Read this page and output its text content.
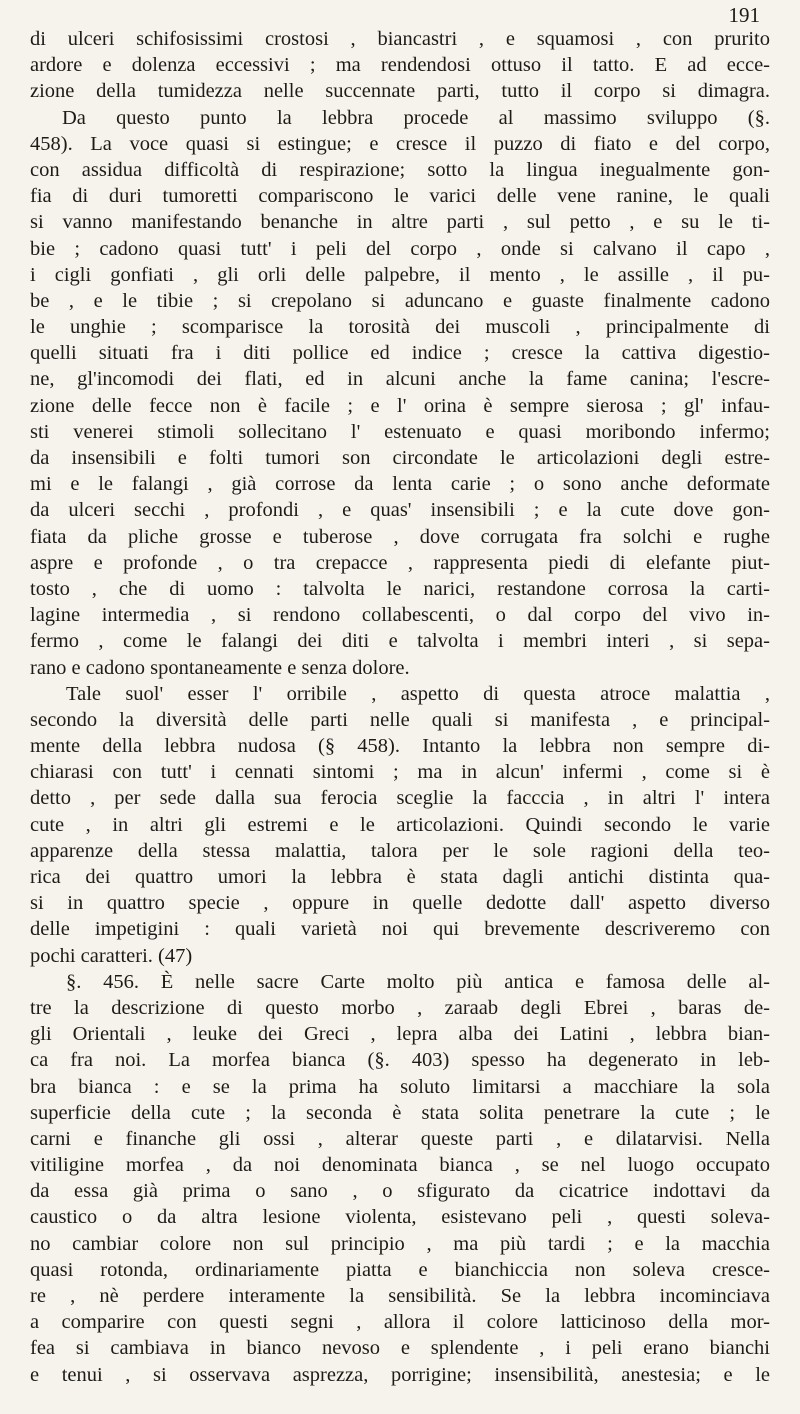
191
di ulceri schifosissimi crostosi , biancastri , e squamosi , con prurito
ardore e dolenza eccessivi ; ma rendendosi ottuso il tatto. E ad ecce-
zione della tumidezza nelle succennate parti, tutto il corpo si dimagra.
Da questo punto la lebbra procede al massimo sviluppo (§.
458). La voce quasi si estingue; e cresce il puzzo di fiato e del corpo,
con assidua difficoltà di respirazione; sotto la lingua inegualmente gon-
fia di duri tumoretti compariscono le varici delle vene ranine, le quali
si vanno manifestando benanche in altre parti , sul petto , e su le ti-
bie ; cadono quasi tutt' i peli del corpo , onde si calvano il capo ,
i cigli gonfiati , gli orli delle palpebre, il mento , le assille , il pu-
be , e le tibie ; si crepolano si aduncano e guaste finalmente cadono
le unghie ; scomparisce la torosità dei muscoli , principalmente di
quelli situati fra i diti pollice ed indice ; cresce la cattiva digestio-
ne, gl'incomodi dei flati, ed in alcuni anche la fame canina; l'escre-
zione delle fecce non è facile ; e l' orina è sempre sierosa ; gl' infau-
sti venerei stimoli sollecitano l' estenuato e quasi moribondo infermo;
da insensibili e folti tumori son circondate le articolazioni degli estre-
mi e le falangi , già corrose da lenta carie ; o sono anche deformate
da ulceri secchi , profondi , e quas' insensibili ; e la cute dove gon-
fiata da pliche grosse e tuberose , dove corrugata fra solchi e rughe
aspre e profonde , o tra crepacce , rappresenta piedi di elefante piut-
tosto , che di uomo : talvolta le narici, restandone corrosa la carti-
lagine intermedia , si rendono collabescenti, o dal corpo del vivo in-
fermo , come le falangi dei diti e talvolta i membri interi , si sepa-
rano e cadono spontaneamente e senza dolore.
Tale suol' esser l' orribile , aspetto di questa atroce malattia ,
secondo la diversità delle parti nelle quali si manifesta , e principal-
mente della lebbra nudosa (§ 458). Intanto la lebbra non sempre di-
chiarasi con tutt' i cennati sintomi ; ma in alcun' infermi , come si è
detto , per sede dalla sua ferocia sceglie la facccia , in altri l' intera
cute , in altri gli estremi e le articolazioni. Quindi secondo le varie
apparenze della stessa malattia, talora per le sole ragioni della teo-
rica dei quattro umori la lebbra è stata dagli antichi distinta qua-
si in quattro specie , oppure in quelle dedotte dall' aspetto diverso
delle impetigini : quali varietà noi qui brevemente descriveremo con
pochi caratteri. (47)
§. 456. È nelle sacre Carte molto più antica e famosa delle al-
tre la descrizione di questo morbo , zaraab degli Ebrei , baras de-
gli Orientali , leuke dei Greci , lepra alba dei Latini , lebbra bian-
ca fra noi. La morfea bianca (§. 403) spesso ha degenerato in leb-
bra bianca : e se la prima ha soluto limitarsi a macchiare la sola
superficie della cute ; la seconda è stata solita penetrare la cute ; le
carni e finanche gli ossi , alterar queste parti , e dilatarvisi. Nella
vitiligine morfea , da noi denominata bianca , se nel luogo occupato
da essa già prima o sano , o sfigurato da cicatrice indottavi da
caustico o da altra lesione violenta, esistevano peli , questi soleva-
no cambiar colore non sul principio , ma più tardi ; e la macchia
quasi rotonda, ordinariamente piatta e bianchiccia non soleva cresce-
re , nè perdere interamente la sensibilità. Se la lebbra incominciava
a comparire con questi segni , allora il colore latticinoso della mor-
fea si cambiava in bianco nevoso e splendente , i peli erano bianchi
e tenui , si osservava asprezza, porrigine; insensibilità, anestesia; e le
